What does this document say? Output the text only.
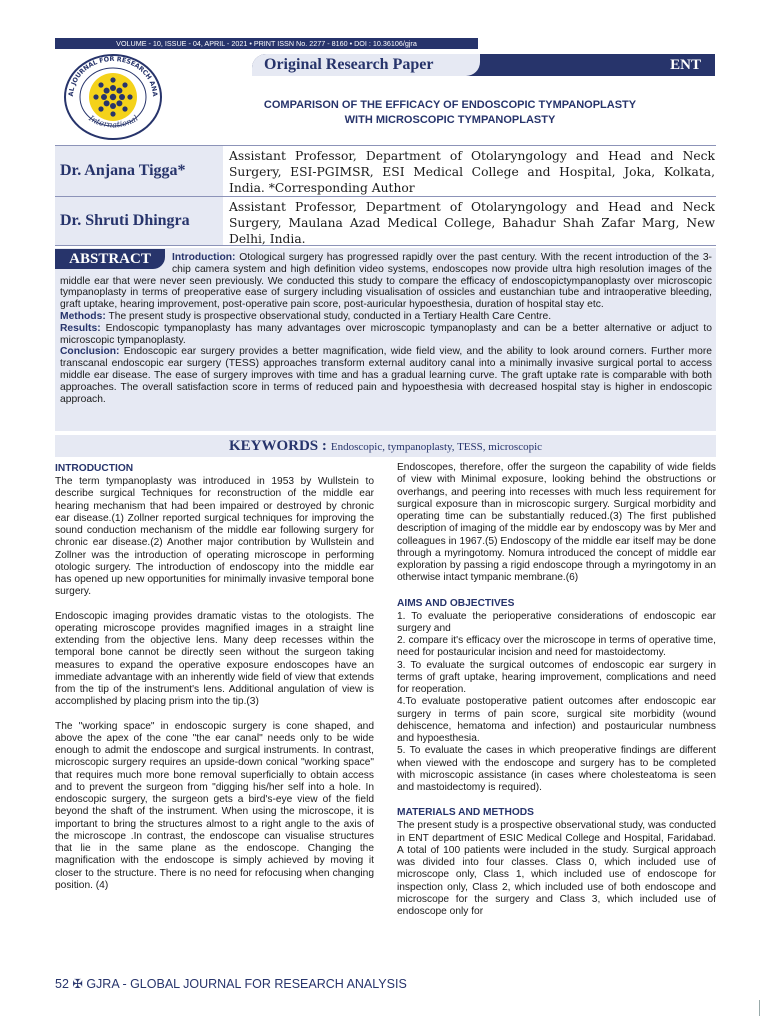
VOLUME - 10, ISSUE - 04, APRIL - 2021 • PRINT ISSN No. 2277 - 8160 • DOI : 10.36106/gjra
AL JOURNAL FOR RESEARCH ANA
International
Original Research Paper	ENT
COMPARISON OF THE EFFICACY OF ENDOSCOPIC TYMPANOPLASTY
WITH MICROSCOPIC TYMPANOPLASTY
Dr. Anjana Tigga*
Assistant Professor, Department of Otolaryngology and Head and Neck Surgery, ESI-PGIMSR, ESI Medical College and Hospital, Joka, Kolkata, India. *Corresponding Author
Dr. Shruti Dhingra
Assistant Professor, Department of Otolaryngology and Head and Neck Surgery, Maulana Azad Medical College, Bahadur Shah Zafar Marg, New Delhi, India.
Introduction: Otological surgery has progressed rapidly over the past century. With the recent introduction of the 3-chip camera system and high definition video systems, endoscopes now provide ultra high resolution images of the middle ear that were never seen previously. We conducted this study to compare the efficacy of endoscopictympanoplasty over microscopic tympanoplasty in terms of preoperative ease of surgery including visualisation of ossicles and eustanchian tube and intraoperative bleeding, graft uptake, hearing improvement, post-operative pain score, post-auricular hypoesthesia, duration of hospital stay etc.
Methods: The present study is prospective observational study, conducted in a Tertiary Health Care Centre.
Results: Endoscopic tympanoplasty has many advantages over microscopic tympanoplasty and can be a better alternative or adjuct to microscopic tympanoplasty.
Conclusion: Endoscopic ear surgery provides a better magnification, wide field view, and the ability to look around corners. Further more transcanal endoscopic ear surgery (TESS) approaches transform external auditory canal into a minimally invasive surgical portal to access middle ear disease. The ease of surgery improves with time and has a gradual learning curve. The graft uptake rate is comparable with both approaches. The overall satisfaction score in terms of reduced pain and hypoesthesia with decreased hospital stay is higher in endoscopic approach.
ABSTRACT
KEYWORDS : Endoscopic, tympanoplasty, TESS, microscopic
INTRODUCTION

The term tympanoplasty was introduced in 1953 by Wullstein to describe surgical Techniques for reconstruction of the middle ear hearing mechanism that had been impaired or destroyed by chronic ear disease.(1) Zollner reported surgical techniques for improving the sound conduction mechanism of the middle ear following surgery for chronic ear disease.(2) Another major contribution by Wullstein and Zollner was the introduction of operating microscope in performing otologic surgery. The introduction of endoscopy into the middle ear has opened up new opportunities for minimally invasive temporal bone surgery.

Endoscopic imaging provides dramatic vistas to the otologists. The operating microscope provides magnified images in a straight line extending from the objective lens. Many deep recesses within the temporal bone cannot be directly seen without the surgeon taking measures to expand the operative exposure endoscopes have an immediate advantage with an inherently wide field of view that extends from the tip of the instrument's lens. Additional angulation of view is accomplished by placing prism into the tip.(3)

The "working space" in endoscopic surgery is cone shaped, and above the apex of the cone "the ear canal" needs only to be wide enough to admit the endoscope and surgical instruments. In contrast, microscopic surgery requires an upside-down conical "working space" that requires much more bone removal superficially to obtain access and to prevent the surgeon from "digging his/her self into a hole. In endoscopic surgery, the surgeon gets a bird's-eye view of the field beyond the shaft of the instrument. When using the microscope, it is important to bring the structures almost to a right angle to the axis of the microscope .In contrast, the endoscope can visualise structures that lie in the same plane as the endoscope. Changing the magnification with the endoscope is simply achieved by moving it closer to the structure. There is no need for refocusing when changing position. (4)

Endoscopes, therefore, offer the surgeon the capability of wide fields of view with Minimal exposure, looking behind the obstructions or overhangs, and peering into recesses with much less requirement for surgical exposure than in microscopic surgery. Surgical morbidity and operating time can be substantially reduced.(3) The first published description of imaging of the middle ear by endoscopy was by Mer and colleagues in 1967.(5) Endoscopy of the middle ear itself may be done through a myringotomy. Nomura introduced the concept of middle ear exploration by passing a rigid endoscope through a myringotomy in an otherwise intact tympanic membrane.(6)

AIMS AND OBJECTIVES
1. To evaluate the perioperative considerations of endoscopic ear surgery and
2. compare it's efficacy over the microscope in terms of operative time, need for postauricular incision and need for mastoidectomy.
3. To evaluate the surgical outcomes of endoscopic ear surgery in terms of graft uptake, hearing improvement, complications and need for reoperation.
4.To evaluate postoperative patient outcomes after endoscopic ear surgery in terms of pain score, surgical site morbidity (wound dehiscence, hematoma and infection) and postauricular numbness and hypoesthesia.
5. To evaluate the cases in which preoperative findings are different when viewed with the endoscope and surgery has to be completed with microscopic assistance (in cases where cholesteatoma is seen and mastoidectomy is required).
MATERIALS AND METHODS

The present study is a prospective observational study, was conducted in ENT department of ESIC Medical College and Hospital, Faridabad. A total of 100 patients were included in the study. Surgical approach was divided into four classes. Class 0, which included use of microscope only, Class 1, which included use of endoscope for inspection only, Class 2, which included use of both endoscope and microscope for the surgery and Class 3, which included use of endoscope only for

52 ✠ GJRA - GLOBAL JOURNAL FOR RESEARCH ANALYSIS
